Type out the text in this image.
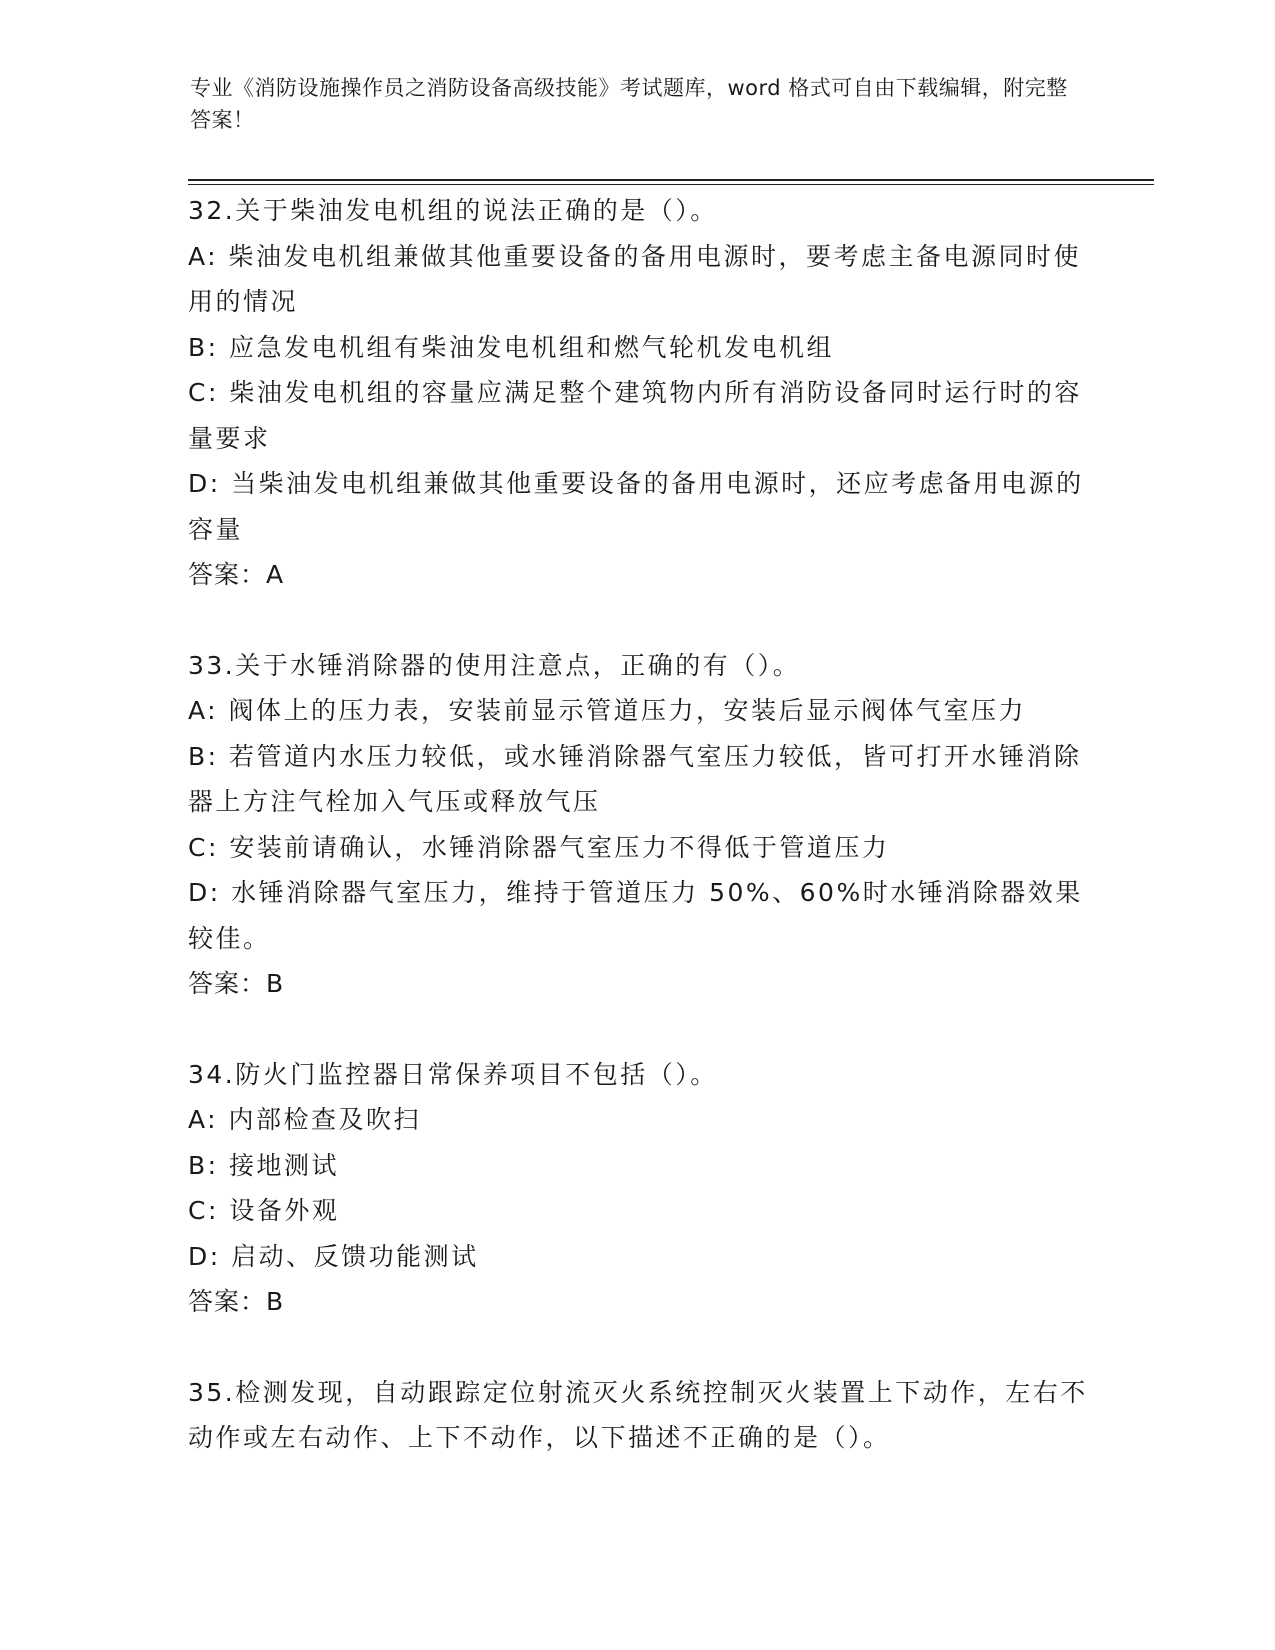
专业《消防设施操作员之消防设备高级技能》考试题库，word 格式可自由下载编辑，附完整答案！

32.关于柴油发电机组的说法正确的是（）。

A: 柴油发电机组兼做其他重要设备的备用电源时，要考虑主备电源同时使用的情况

B: 应急发电机组有柴油发电机组和燃气轮机发电机组

C: 柴油发电机组的容量应满足整个建筑物内所有消防设备同时运行时的容量要求

D: 当柴油发电机组兼做其他重要设备的备用电源时，还应考虑备用电源的容量

答案：A

33.关于水锤消除器的使用注意点，正确的有（）。

A: 阀体上的压力表，安装前显示管道压力，安装后显示阀体气室压力

B: 若管道内水压力较低，或水锤消除器气室压力较低，皆可打开水锤消除器上方注气栓加入气压或释放气压

C: 安装前请确认，水锤消除器气室压力不得低于管道压力

D: 水锤消除器气室压力，维持于管道压力 50%、60%时水锤消除器效果较佳。

答案：B

34.防火门监控器日常保养项目不包括（）。

A: 内部检查及吹扫

B: 接地测试

C: 设备外观

D: 启动、反馈功能测试

答案：B

35.检测发现，自动跟踪定位射流灭火系统控制灭火装置上下动作，左右不动作或左右动作、上下不动作，以下描述不正确的是（）。
